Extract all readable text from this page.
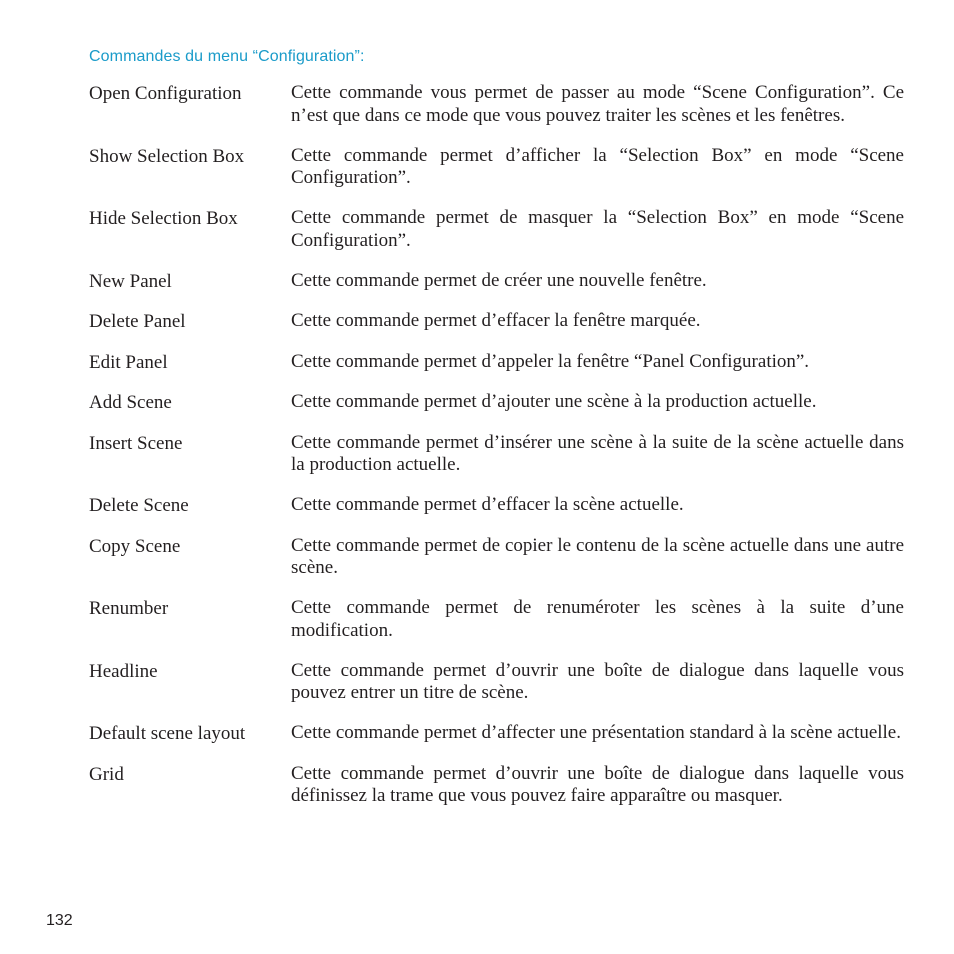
Commandes du menu “Configuration”:
Open Configuration	Cette commande vous permet de passer au mode “Scene Configuration”. Ce n’est que dans ce mode que vous pouvez traiter les scènes et les fenêtres.
Show Selection Box	Cette commande permet d’afficher la “Selection Box” en mode “Scene Configuration”.
Hide Selection Box	Cette commande permet de masquer la “Selection Box” en mode “Scene Configuration”.
New Panel	Cette commande permet de créer une nouvelle fenêtre.
Delete Panel	Cette commande permet d’effacer la fenêtre marquée.
Edit Panel	Cette commande permet d’appeler la fenêtre “Panel Configuration”.
Add Scene	Cette commande permet d’ajouter une scène à la production actuelle.
Insert Scene	Cette commande permet d’insérer une scène à la suite de la scène actuelle dans la production actuelle.
Delete Scene	Cette commande permet d’effacer la scène actuelle.
Copy Scene	Cette commande permet de copier le contenu de la scène actuelle dans une autre scène.
Renumber	Cette commande permet de renuméroter les scènes à la suite d’une modification.
Headline	Cette commande permet d’ouvrir une boîte de dialogue dans laquelle vous pouvez entrer un titre de scène.
Default scene layout	Cette commande permet d’affecter une présentation standard à la scène actuelle.
Grid	Cette commande permet d’ouvrir une boîte de dialogue dans laquelle vous définissez la trame que vous pouvez faire apparaître ou masquer.
132
